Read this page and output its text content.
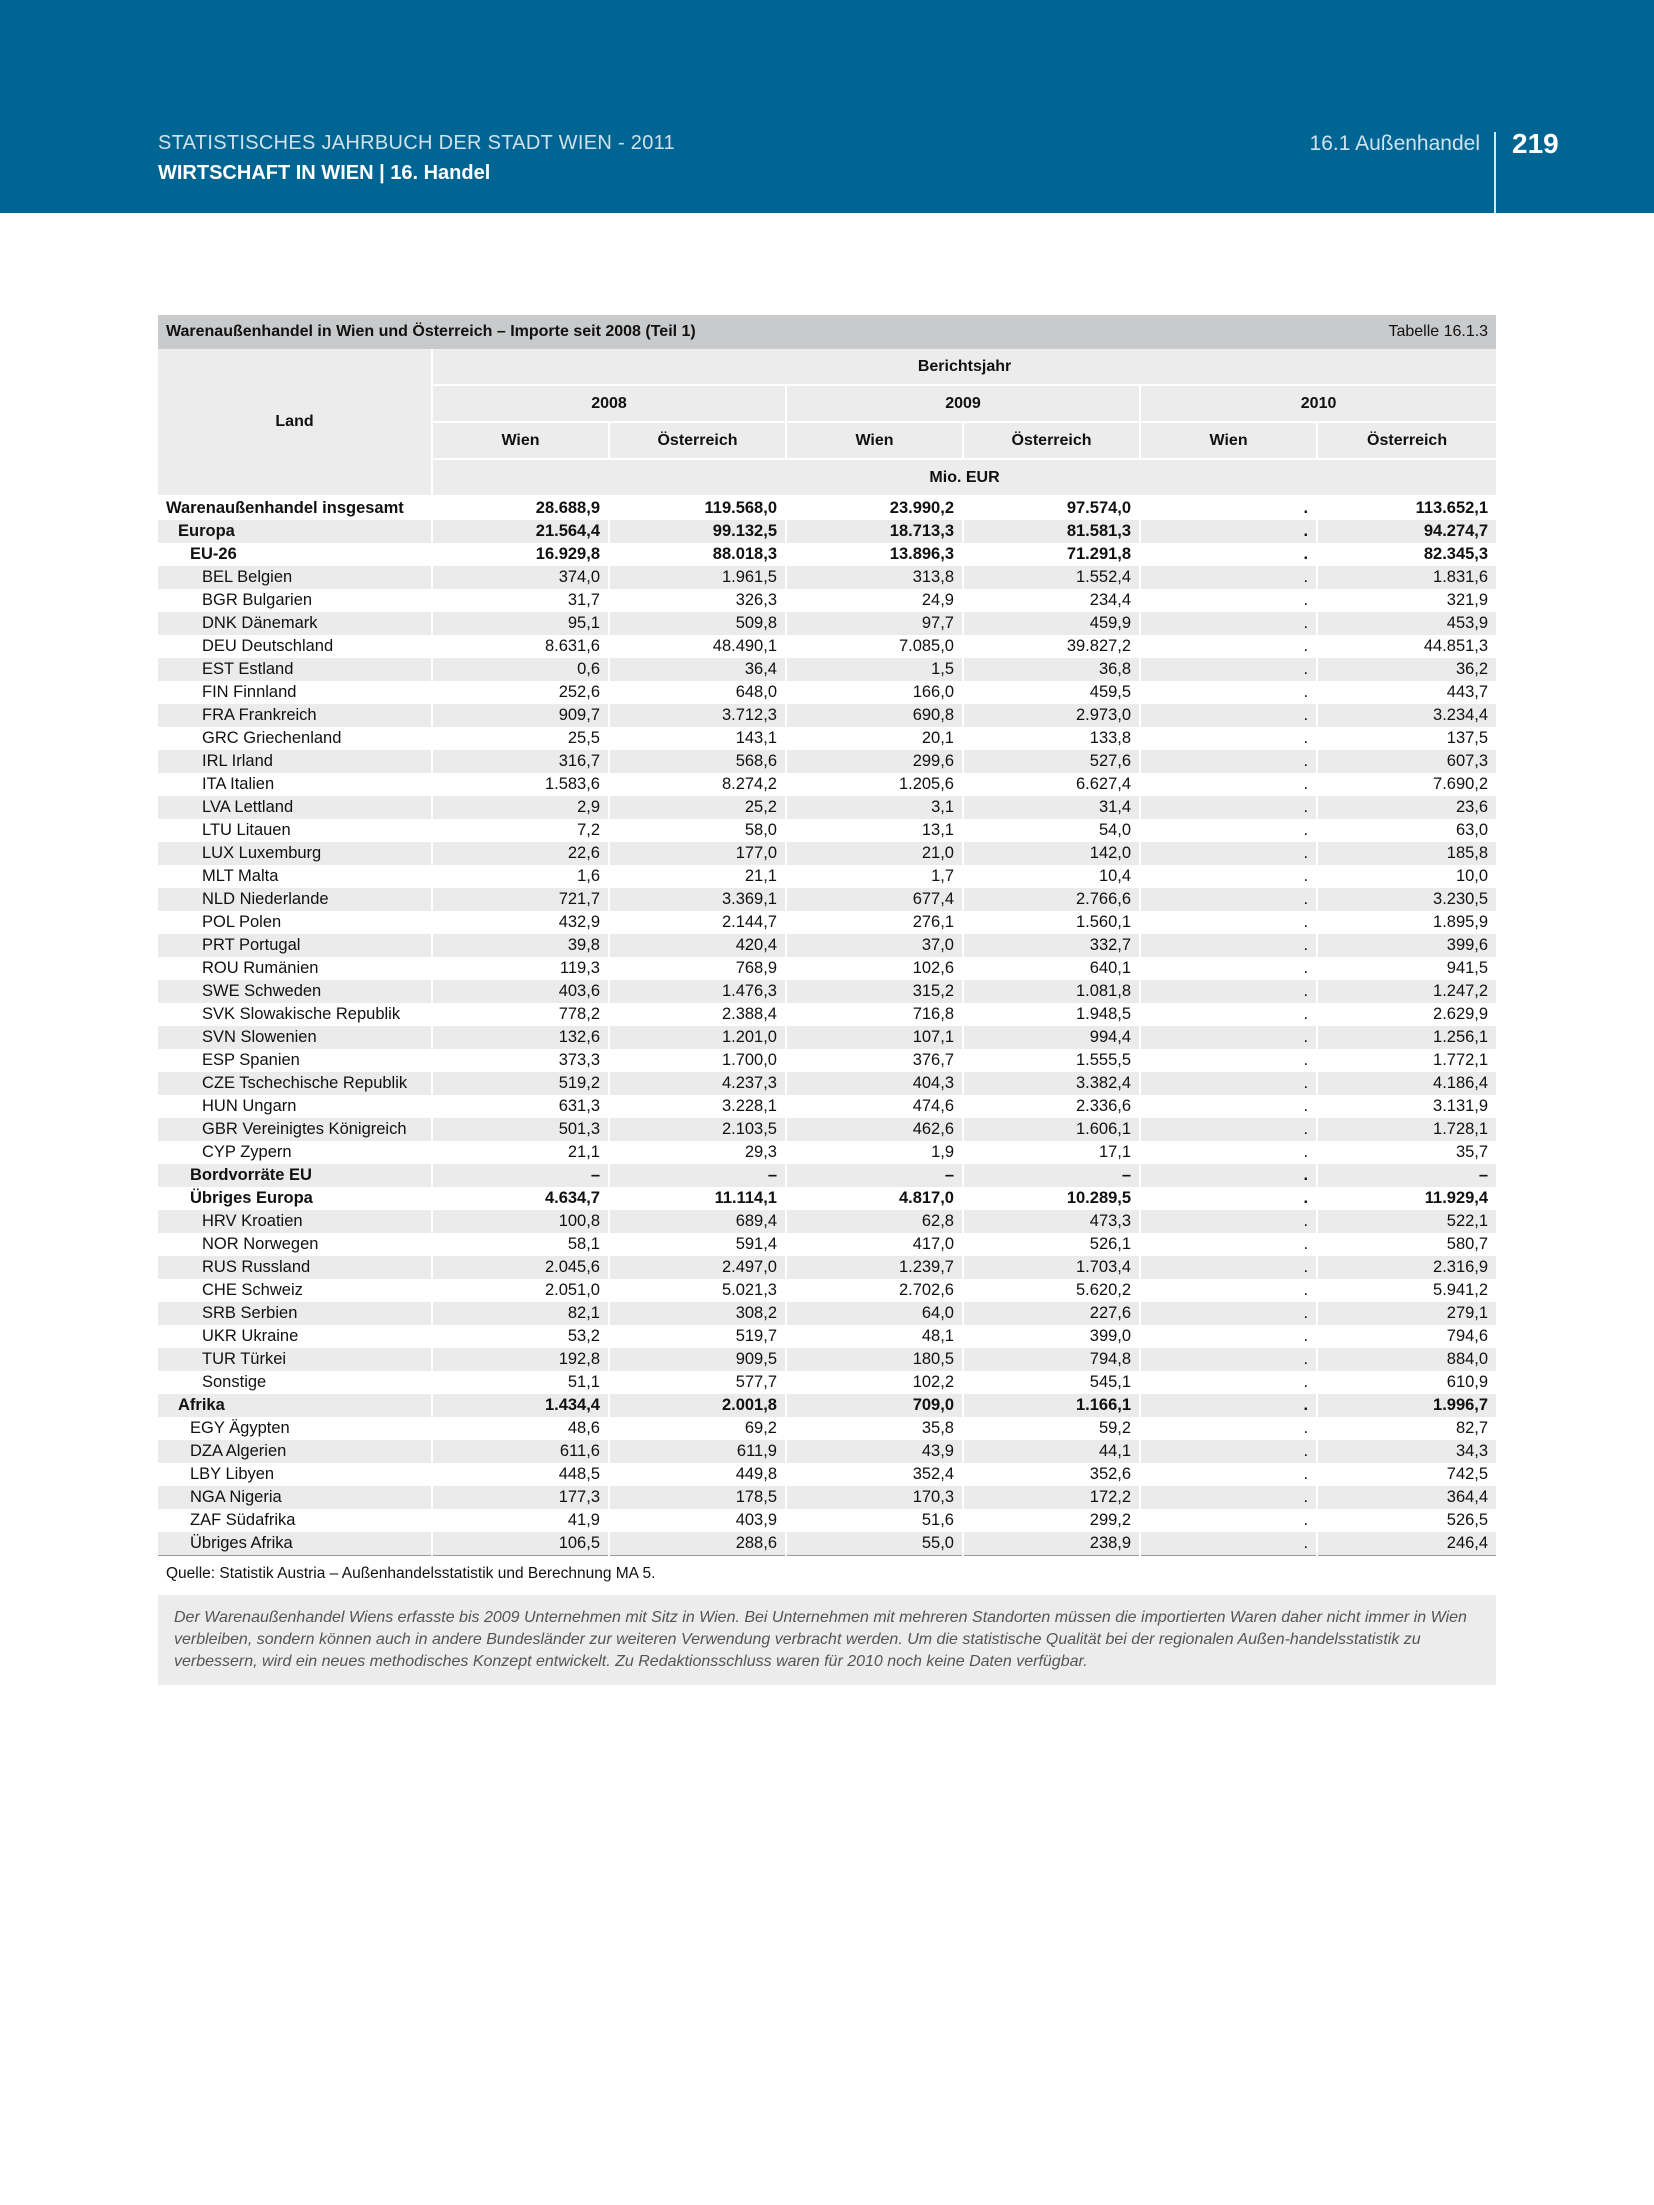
STATISTISCHES JAHRBUCH DER STADT WIEN - 2011
WIRTSCHAFT IN WIEN | 16. Handel
16.1 Außenhandel 219
Warenaußenhandel in Wien und Österreich – Importe seit 2008 (Teil 1)					Tabelle 16.1.3	
Land	Berichtsjahr					
	2008		2009		2010	
	Wien	Österreich	Wien	Österreich	Wien	Österreich
	Mio. EUR					
Warenaußenhandel insgesamt	28.688,9	119.568,0	23.990,2	97.574,0	.	113.652,1
Europa	21.564,4	99.132,5	18.713,3	81.581,3	.	94.274,7
EU-26	16.929,8	88.018,3	13.896,3	71.291,8	.	82.345,3
BEL Belgien	374,0	1.961,5	313,8	1.552,4	.	1.831,6
BGR Bulgarien	31,7	326,3	24,9	234,4	.	321,9
DNK Dänemark	95,1	509,8	97,7	459,9	.	453,9
DEU Deutschland	8.631,6	48.490,1	7.085,0	39.827,2	.	44.851,3
EST Estland	0,6	36,4	1,5	36,8	.	36,2
FIN Finnland	252,6	648,0	166,0	459,5	.	443,7
FRA Frankreich	909,7	3.712,3	690,8	2.973,0	.	3.234,4
GRC Griechenland	25,5	143,1	20,1	133,8	.	137,5
IRL Irland	316,7	568,6	299,6	527,6	.	607,3
ITA Italien	1.583,6	8.274,2	1.205,6	6.627,4	.	7.690,2
LVA Lettland	2,9	25,2	3,1	31,4	.	23,6
LTU Litauen	7,2	58,0	13,1	54,0	.	63,0
LUX Luxemburg	22,6	177,0	21,0	142,0	.	185,8
MLT Malta	1,6	21,1	1,7	10,4	.	10,0
NLD Niederlande	721,7	3.369,1	677,4	2.766,6	.	3.230,5
POL Polen	432,9	2.144,7	276,1	1.560,1	.	1.895,9
PRT Portugal	39,8	420,4	37,0	332,7	.	399,6
ROU Rumänien	119,3	768,9	102,6	640,1	.	941,5
SWE Schweden	403,6	1.476,3	315,2	1.081,8	.	1.247,2
SVK Slowakische Republik	778,2	2.388,4	716,8	1.948,5	.	2.629,9
SVN Slowenien	132,6	1.201,0	107,1	994,4	.	1.256,1
ESP Spanien	373,3	1.700,0	376,7	1.555,5	.	1.772,1
CZE Tschechische Republik	519,2	4.237,3	404,3	3.382,4	.	4.186,4
HUN Ungarn	631,3	3.228,1	474,6	2.336,6	.	3.131,9
GBR Vereinigtes Königreich	501,3	2.103,5	462,6	1.606,1	.	1.728,1
CYP Zypern	21,1	29,3	1,9	17,1	.	35,7
Bordvorräte EU	–	–	–	–	.	–
Übriges Europa	4.634,7	11.114,1	4.817,0	10.289,5	.	11.929,4
HRV Kroatien	100,8	689,4	62,8	473,3	.	522,1
NOR Norwegen	58,1	591,4	417,0	526,1	.	580,7
RUS Russland	2.045,6	2.497,0	1.239,7	1.703,4	.	2.316,9
CHE Schweiz	2.051,0	5.021,3	2.702,6	5.620,2	.	5.941,2
SRB Serbien	82,1	308,2	64,0	227,6	.	279,1
UKR Ukraine	53,2	519,7	48,1	399,0	.	794,6
TUR Türkei	192,8	909,5	180,5	794,8	.	884,0
Sonstige	51,1	577,7	102,2	545,1	.	610,9
Afrika	1.434,4	2.001,8	709,0	1.166,1	.	1.996,7
EGY Ägypten	48,6	69,2	35,8	59,2	.	82,7
DZA Algerien	611,6	611,9	43,9	44,1	.	34,3
LBY Libyen	448,5	449,8	352,4	352,6	.	742,5
NGA Nigeria	177,3	178,5	170,3	172,2	.	364,4
ZAF Südafrika	41,9	403,9	51,6	299,2	.	526,5
Übriges Afrika	106,5	288,6	55,0	238,9	.	246,4
Quelle: Statistik Austria – Außenhandelsstatistik und Berechnung MA 5.						
Der Warenaußenhandel Wiens erfasste bis 2009 Unternehmen mit Sitz in Wien. Bei Unternehmen mit mehreren Standorten müssen die importierten Waren daher nicht immer in Wien verbleiben, sondern können auch in andere Bundesländer zur weiteren Verwendung verbracht werden. Um die statistische Qualität bei der regionalen Außen-handelsstatistik zu verbessern, wird ein neues methodisches Konzept entwickelt. Zu Redaktionsschluss waren für 2010 noch keine Daten verfügbar.
